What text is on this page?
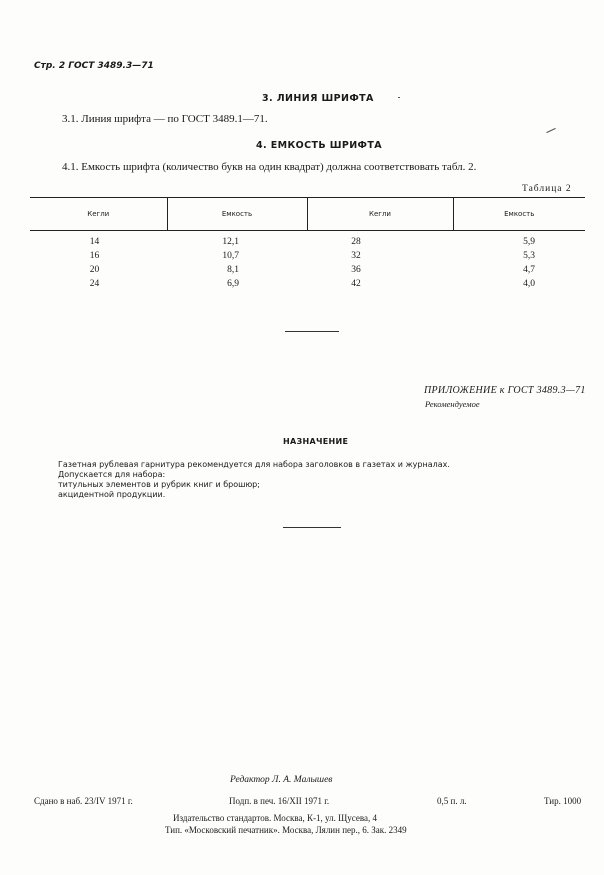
Стр. 2 ГОСТ 3489.3—71
3. ЛИНИЯ ШРИФТА
3.1. Линия шрифта — по ГОСТ 3489.1—71.
4. ЕМКОСТЬ ШРИФТА
4.1. Емкость шрифта (количество букв на один квадрат) должна соответствовать табл. 2.
Таблица 2
Кегли	Емкость	Кегли	Емкость
14	12,1	28	5,9
16	10,7	32	5,3
20	8,1	36	4,7
24	6,9	42	4,0
ПРИЛОЖЕНИЕ к ГОСТ 3489.3—71
Рекомендуемое
НАЗНАЧЕНИЕ
Газетная рублевая гарнитура рекомендуется для набора заголовков в газетах и журналах.
Допускается для набора:
титульных элементов и рубрик книг и брошюр;
акцидентной продукции.
Редактор Л. А. Малышев
Сдано в наб. 23/IV 1971 г.	Подп. в печ. 16/XII 1971 г.	0,5 п. л.	Тир. 1000
Издательство стандартов. Москва, К-1, ул. Щусева, 4
Тип. «Московский печатник». Москва, Лялин пер., 6. Зак. 2349
